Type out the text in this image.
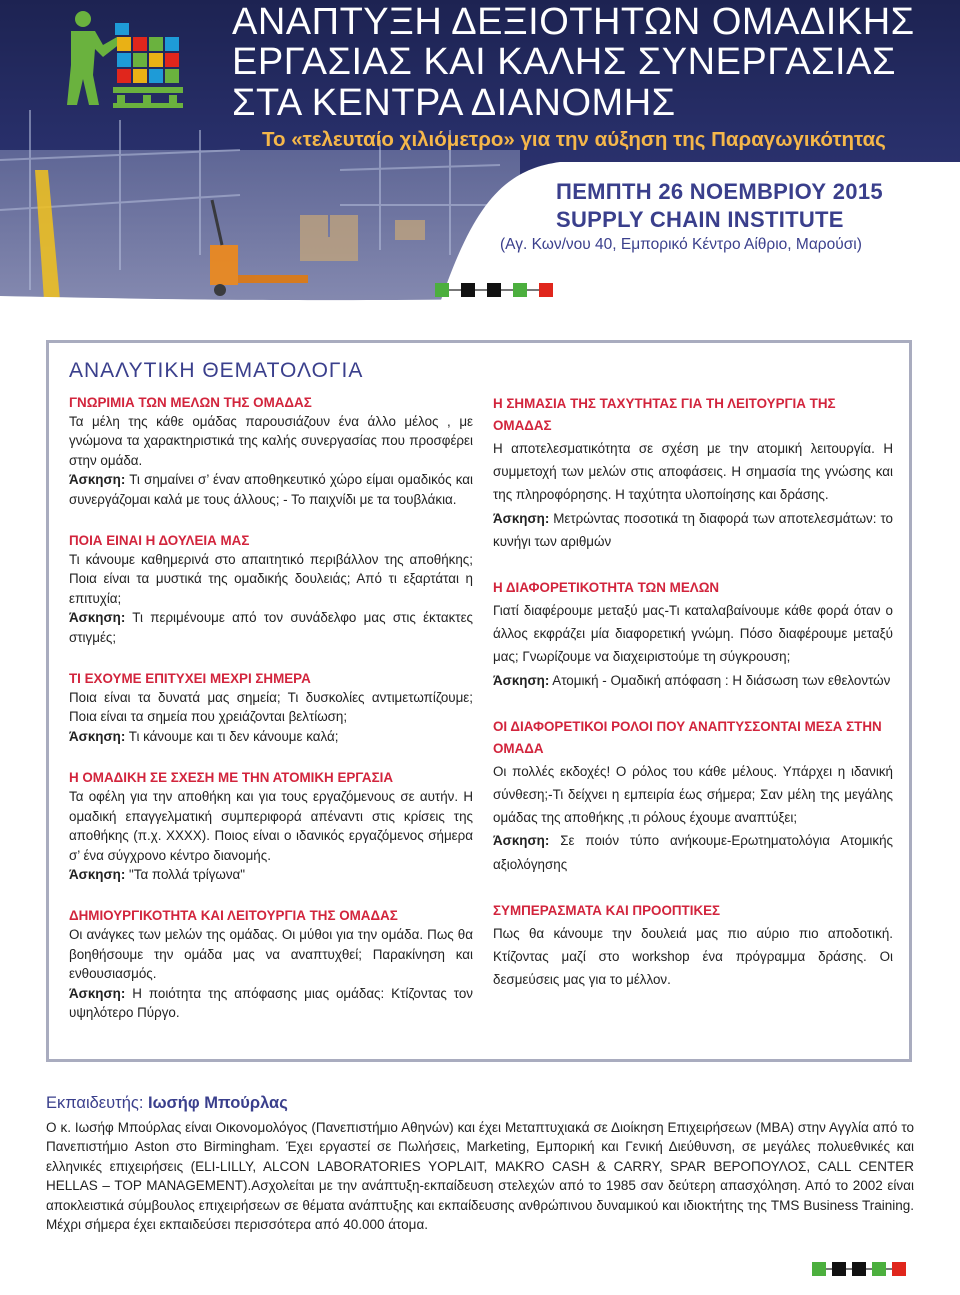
ΑΝΑΠΤΥΞΗ ΔΕΞΙΟΤΗΤΩΝ ΟΜΑΔΙΚΗΣ
ΕΡΓΑΣΙΑΣ ΚΑΙ ΚΑΛΗΣ ΣΥΝΕΡΓΑΣΙΑΣ
ΣΤΑ ΚΕΝΤΡΑ ΔΙΑΝΟΜΗΣ
Το «τελευταίο χιλιόμετρο» για την αύξηση της Παραγωγικότητας
ΠΕΜΠΤΗ 26 ΝΟΕΜΒΡΙΟΥ 2015
SUPPLY CHAIN INSTITUTE
(Αγ. Κων/νου 40, Εμπορικό Κέντρο Αίθριο, Μαρούσι)
ΑΝΑΛΥΤΙΚΗ ΘΕΜΑΤΟΛΟΓΙΑ

ΓΝΩΡΙΜΙΑ ΤΩΝ ΜΕΛΩΝ ΤΗΣ ΟΜΑΔΑΣ

Τα μέλη της κάθε ομάδας παρουσιάζουν ένα άλλο μέλος , με γνώμονα τα χαρακτηριστικά της καλής συνεργασίας που προσφέρει στην ομάδα.
Άσκηση: Τι σημαίνει σ’ έναν αποθηκευτικό χώρο είμαι ομαδικός και συνεργάζομαι καλά με τους άλλους; - Το παιχνίδι με τα τουβλάκια.

ΠΟΙΑ ΕΙΝΑΙ Η ΔΟΥΛΕΙΑ ΜΑΣ

Τι κάνουμε καθημερινά στο απαιτητικό περιβάλλον της αποθήκης; Ποια είναι τα μυστικά της ομαδικής δουλειάς; Από τι εξαρτάται η επιτυχία;
Άσκηση: Τι περιμένουμε από τον συνάδελφο μας στις έκτακτες στιγμές;

ΤΙ ΕΧΟΥΜΕ ΕΠΙΤΥΧΕΙ ΜΕΧΡΙ ΣΗΜΕΡΑ

Ποια είναι τα δυνατά μας σημεία; Τι δυσκολίες αντιμετωπίζουμε; Ποια είναι τα σημεία που χρειάζονται βελτίωση;
Άσκηση: Τι κάνουμε και τι δεν κάνουμε καλά;

Η ΟΜΑΔΙΚΗ ΣΕ ΣΧΕΣΗ ΜΕ ΤΗΝ ΑΤΟΜΙΚΗ ΕΡΓΑΣΙΑ

Τα οφέλη για την αποθήκη και για τους εργαζόμενους σε αυτήν. Η ομαδική επαγγελματική συμπεριφορά απέναντι στις κρίσεις της αποθήκης (π.χ. ΧΧΧΧ). Ποιος είναι ο ιδανικός εργαζόμενος σήμερα σ’ ένα σύγχρονο κέντρο διανομής.
Άσκηση: "Τα πολλά τρίγωνα"

ΔΗΜΙΟΥΡΓΙΚΟΤΗΤΑ ΚΑΙ ΛΕΙΤΟΥΡΓΙΑ ΤΗΣ ΟΜΑΔΑΣ

Οι ανάγκες των μελών της ομάδας. Οι μύθοι για την ομάδα. Πως θα βοηθήσουμε την ομάδα μας να αναπτυχθεί; Παρακίνηση και ενθουσιασμός.
Άσκηση: Η ποιότητα της απόφασης μιας ομάδας: Κτίζοντας τον υψηλότερο Πύργο.

Η ΣΗΜΑΣΙΑ ΤΗΣ ΤΑΧΥΤΗΤΑΣ ΓΙΑ ΤΗ ΛΕΙΤΟΥΡΓΙΑ ΤΗΣ ΟΜΑΔΑΣ

Η αποτελεσματικότητα σε σχέση με την ατομική λειτουργία. Η συμμετοχή των μελών στις αποφάσεις. Η σημασία της γνώσης και της πληροφόρησης. Η ταχύτητα υλοποίησης και δράσης.
Άσκηση: Μετρώντας ποσοτικά τη διαφορά των αποτελεσμάτων: το κυνήγι των αριθμών

Η ΔΙΑΦΟΡΕΤΙΚΟΤΗΤΑ ΤΩΝ ΜΕΛΩΝ

Γιατί διαφέρουμε μεταξύ μας-Τι καταλαβαίνουμε κάθε φορά όταν ο άλλος εκφράζει μία διαφορετική γνώμη. Πόσο διαφέρουμε μεταξύ μας; Γνωρίζουμε να διαχειριστούμε τη σύγκρουση;
Άσκηση: Ατομική - Ομαδική απόφαση : Η διάσωση των εθελοντών

ΟΙ ΔΙΑΦΟΡΕΤΙΚΟΙ ΡΟΛΟΙ ΠΟΥ ΑΝΑΠΤΥΣΣΟΝΤΑΙ ΜΕΣΑ ΣΤΗΝ ΟΜΑΔΑ

Οι πολλές εκδοχές! Ο ρόλος του κάθε μέλους. Υπάρχει η ιδανική σύνθεση;-Τι δείχνει η εμπειρία έως σήμερα; Σαν μέλη της μεγάλης ομάδας της αποθήκης ,τι ρόλους έχουμε αναπτύξει;
Άσκηση: Σε ποιόν τύπο ανήκουμε-Ερωτηματολόγια Ατομικής αξιολόγησης

ΣΥΜΠΕΡΑΣΜΑΤΑ ΚΑΙ ΠΡΟΟΠΤΙΚΕΣ

Πως θα κάνουμε την δουλειά μας πιο αύριο πιο αποδοτική. Κτίζοντας μαζί στο workshop ένα πρόγραμμα δράσης. Οι δεσμεύσεις μας για το μέλλον.

Εκπαιδευτής: Ιωσήφ Μπούρλας

Ο κ. Ιωσήφ Μπούρλας είναι Οικονομολόγος (Πανεπιστήμιο Αθηνών) και έχει Μεταπτυχιακά σε Διοίκηση Επιχειρήσεων (ΜΒΑ) στην Αγγλία από το Πανεπιστήμιο Aston στο Birmingham. Έχει εργαστεί σε Πωλήσεις, Marketing, Εμπορική και Γενική Διεύθυνση, σε μεγάλες πολυεθνικές και ελληνικές επιχειρήσεις (ELI-LILLY, ALCON LABORATORIES YOPLAIT, MAKRO CASH & CARRY, SPAR ΒΕΡΟΠΟΥΛΟΣ, CALL CENTER HELLAS – TOP MANAGEMENT).Ασχολείται με την ανάπτυξη-εκπαίδευση στελεχών από το 1985 σαν δεύτερη απασχόληση. Από το 2002 είναι αποκλειστικά σύμβουλος επιχειρήσεων σε θέματα ανάπτυξης και εκπαίδευσης ανθρώπινου δυναμικού και ιδιοκτήτης της TMS Business Training. Μέχρι σήμερα έχει εκπαιδεύσει περισσότερα από 40.000 άτομα.
